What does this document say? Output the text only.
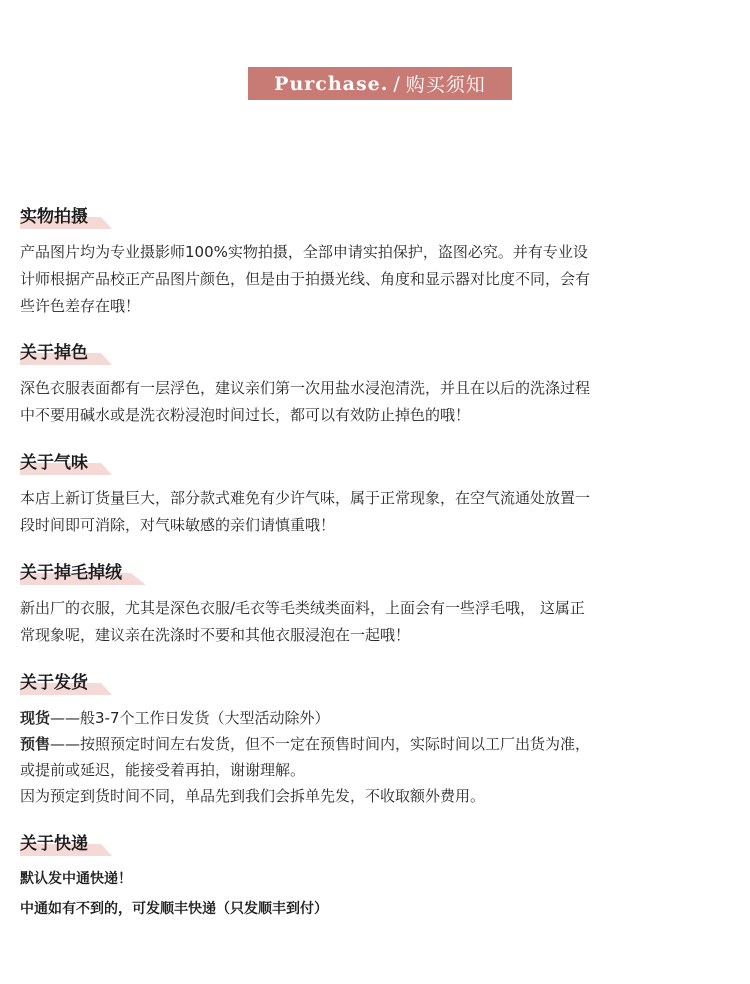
Purchase. / 购买须知
实物拍摄
产品图片均为专业摄影师100%实物拍摄，全部申请实拍保护，盗图必究。并有专业设
计师根据产品校正产品图片颜色，但是由于拍摄光线、角度和显示器对比度不同，会有
些许色差存在哦！
关于掉色
深色衣服表面都有一层浮色，建议亲们第一次用盐水浸泡清洗，并且在以后的洗涤过程
中不要用碱水或是洗衣粉浸泡时间过长，都可以有效防止掉色的哦！
关于气味
本店上新订货量巨大，部分款式难免有少许气味，属于正常现象，在空气流通处放置一
段时间即可消除，对气味敏感的亲们请慎重哦！
关于掉毛掉绒
新出厂的衣服，尤其是深色衣服/毛衣等毛类绒类面料，上面会有一些浮毛哦， 这属正
常现象呢，建议亲在洗涤时不要和其他衣服浸泡在一起哦！
关于发货
现货——般3-7个工作日发货（大型活动除外）
预售——按照预定时间左右发货，但不一定在预售时间内，实际时间以工厂出货为准，
或提前或延迟，能接受着再拍，谢谢理解。
因为预定到货时间不同，单品先到我们会拆单先发，不收取额外费用。
关于快递
默认发中通快递！
中通如有不到的，可发顺丰快递（只发顺丰到付）
